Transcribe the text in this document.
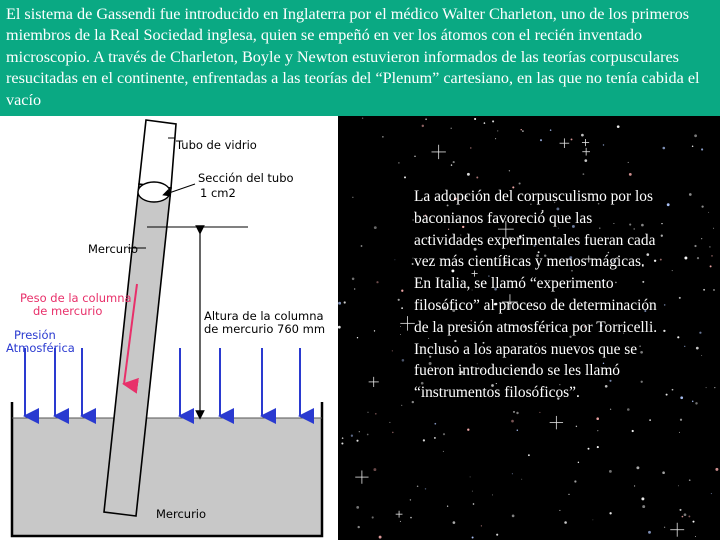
El sistema de Gassendi fue introducido en Inglaterra por el médico Walter Charleton, uno de los primeros miembros de la Real Sociedad inglesa, quien se empeñó en ver los átomos con el recién inventado microscopio. A través de Charleton, Boyle y Newton estuvieron informados de las teorías corpusculares resucitadas en el continente, enfrentadas a las teorías del “Plenum” cartesiano, en las que no tenía cabida el vacío

Tubo de vidrio
Sección del tubo
1 cm2
Mercurio
Peso de la columna
de mercurio
Presión
Atmosférica
Altura de la columna
de mercurio 760 mm
Mercurio

La adopción del corpusculismo por los baconianos favoreció que las actividades experimentales fueran cada vez más científicas y menos mágicas. En Italia, se llamó “experimento filosófico” al proceso de determinación de la presión atmosférica por Torricelli. Incluso a los aparatos nuevos que se fueron introduciendo se les llamó “instrumentos filosóficos”.
